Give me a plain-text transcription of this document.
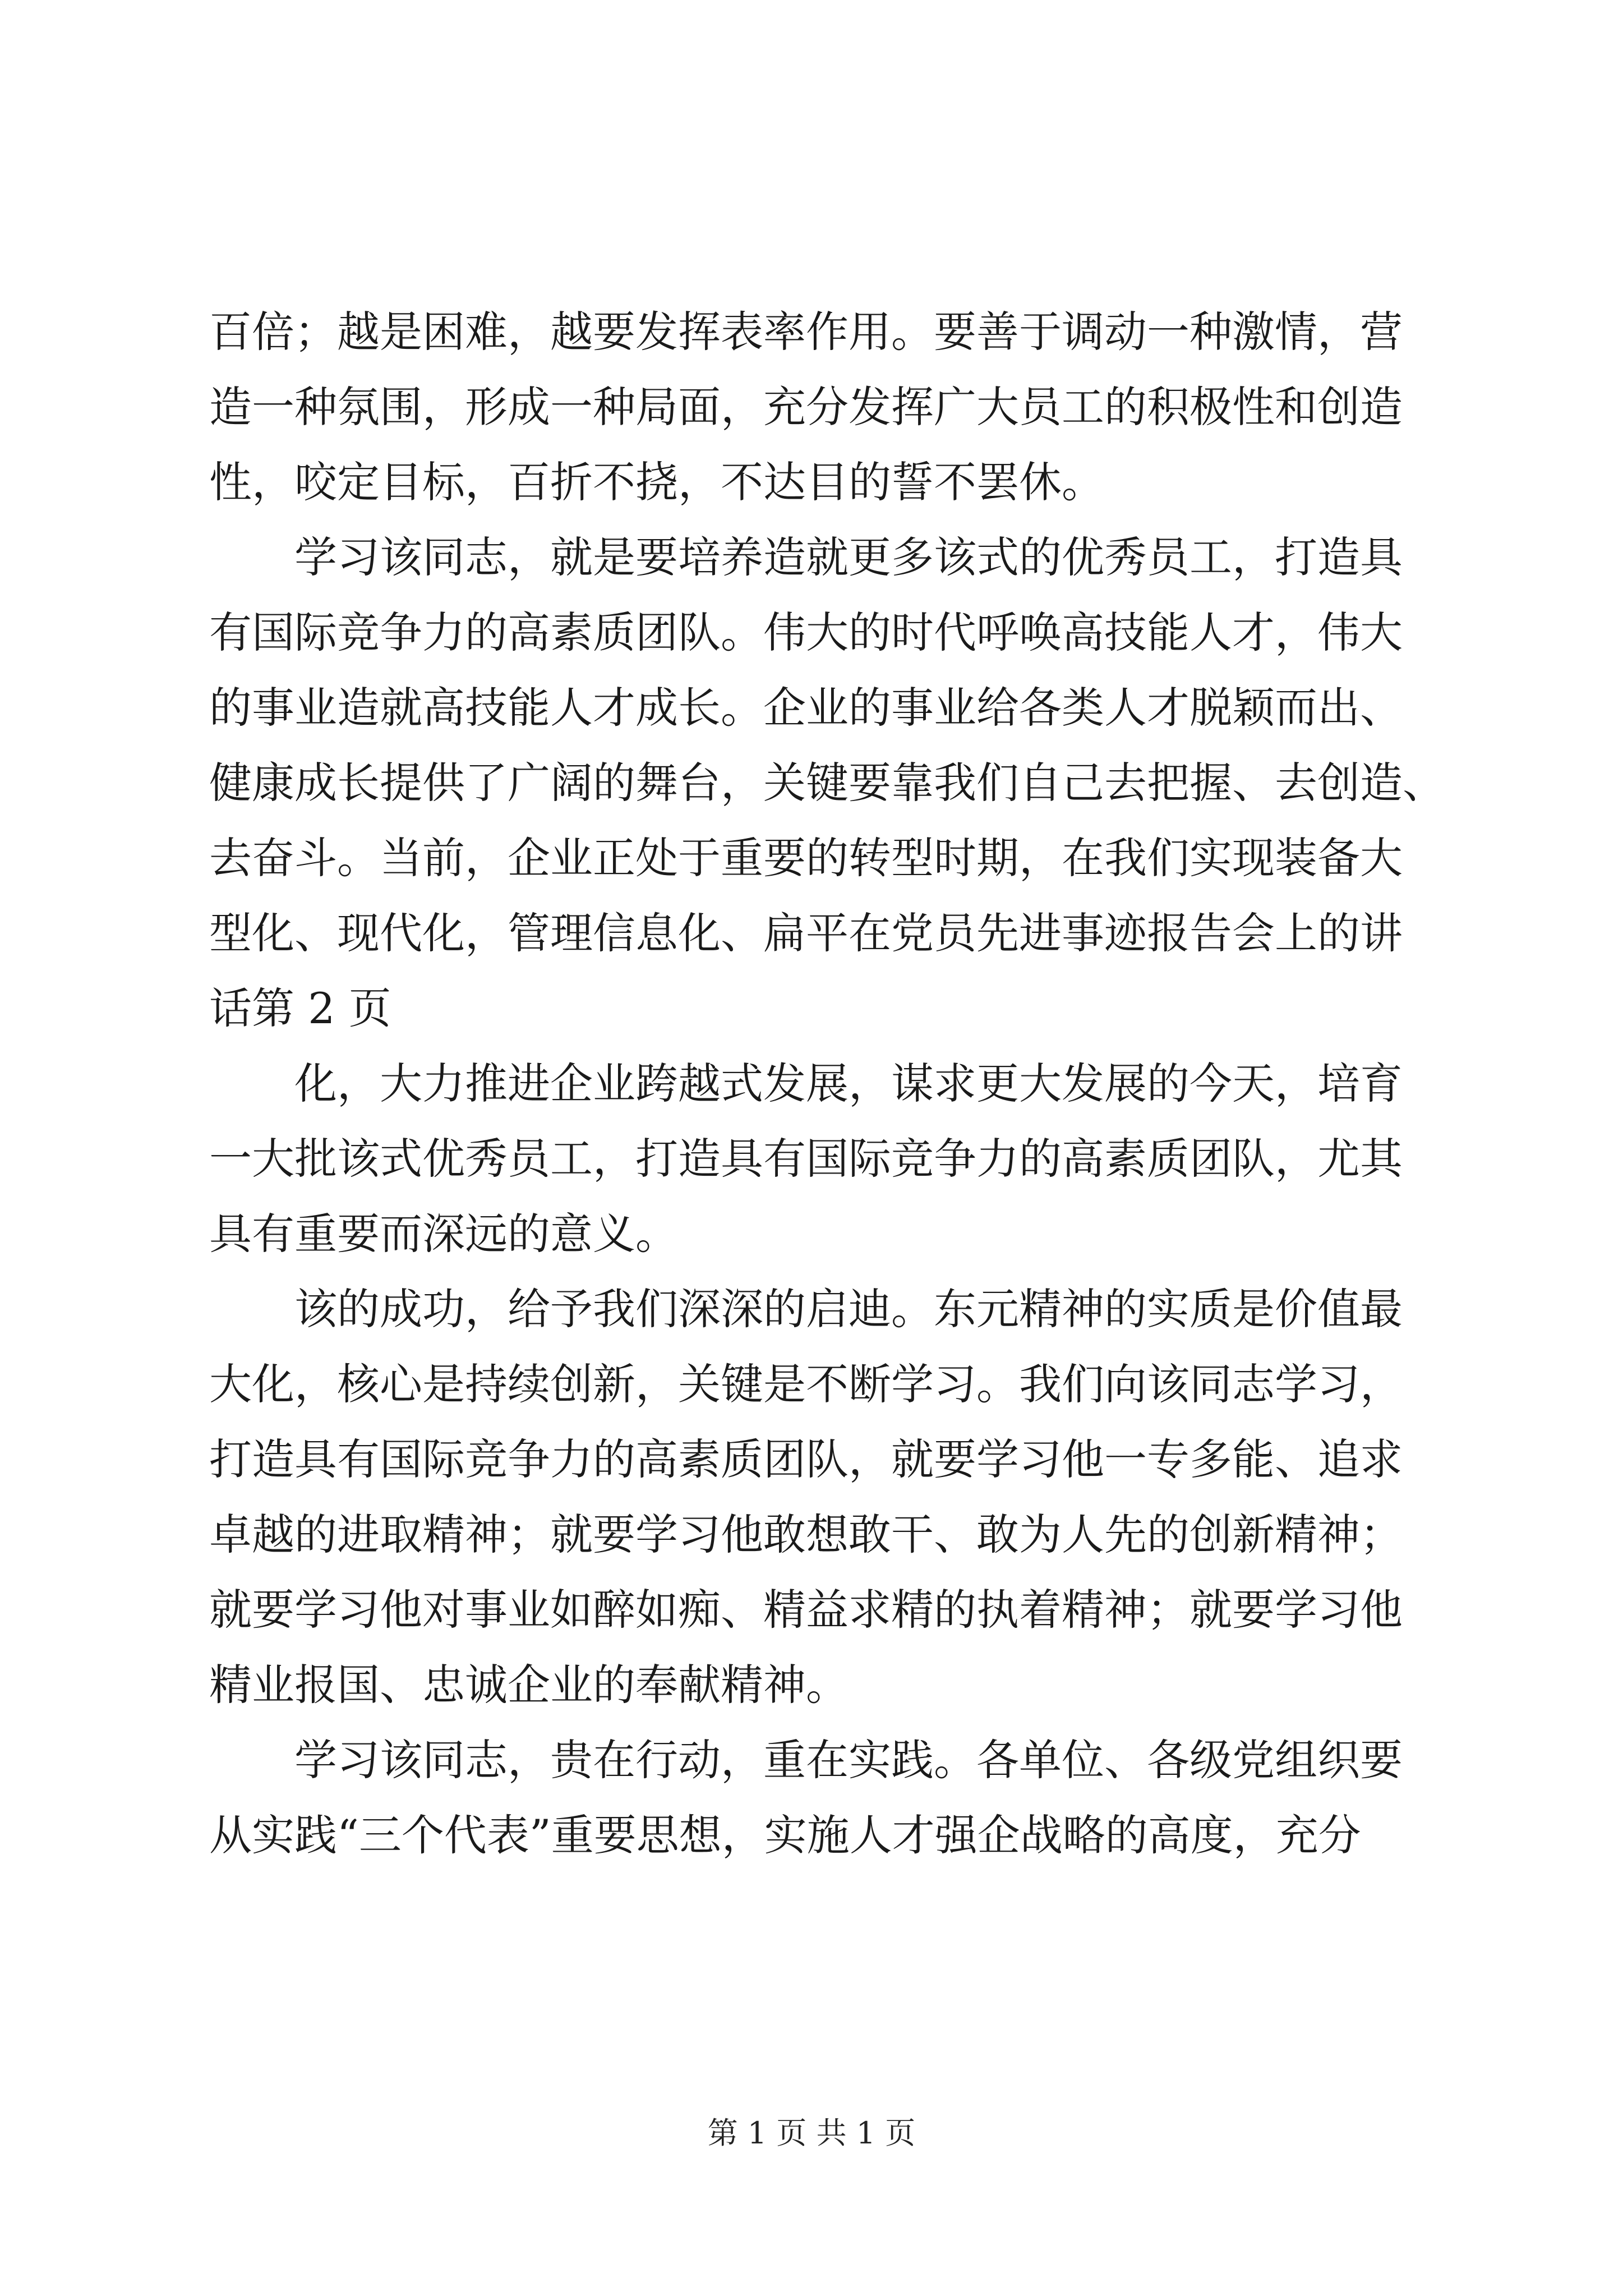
百倍；越是困难，越要发挥表率作用。要善于调动一种激情，营
造一种氛围，形成一种局面，充分发挥广大员工的积极性和创造
性，咬定目标，百折不挠，不达目的誓不罢休。
　　学习该同志，就是要培养造就更多该式的优秀员工，打造具
有国际竞争力的高素质团队。伟大的时代呼唤高技能人才，伟大
的事业造就高技能人才成长。企业的事业给各类人才脱颖而出、
健康成长提供了广阔的舞台，关键要靠我们自己去把握、去创造、
去奋斗。当前，企业正处于重要的转型时期，在我们实现装备大
型化、现代化，管理信息化、扁平在党员先进事迹报告会上的讲
话第 2 页
　　化，大力推进企业跨越式发展，谋求更大发展的今天，培育
一大批该式优秀员工，打造具有国际竞争力的高素质团队，尤其
具有重要而深远的意义。
　　该的成功，给予我们深深的启迪。东元精神的实质是价值最
大化，核心是持续创新，关键是不断学习。我们向该同志学习，
打造具有国际竞争力的高素质团队，就要学习他一专多能、追求
卓越的进取精神；就要学习他敢想敢干、敢为人先的创新精神；
就要学习他对事业如醉如痴、精益求精的执着精神；就要学习他
精业报国、忠诚企业的奉献精神。
　　学习该同志，贵在行动，重在实践。各单位、各级党组织要
从实践“三个代表”重要思想，实施人才强企战略的高度，充分
第 1 页 共 1 页
